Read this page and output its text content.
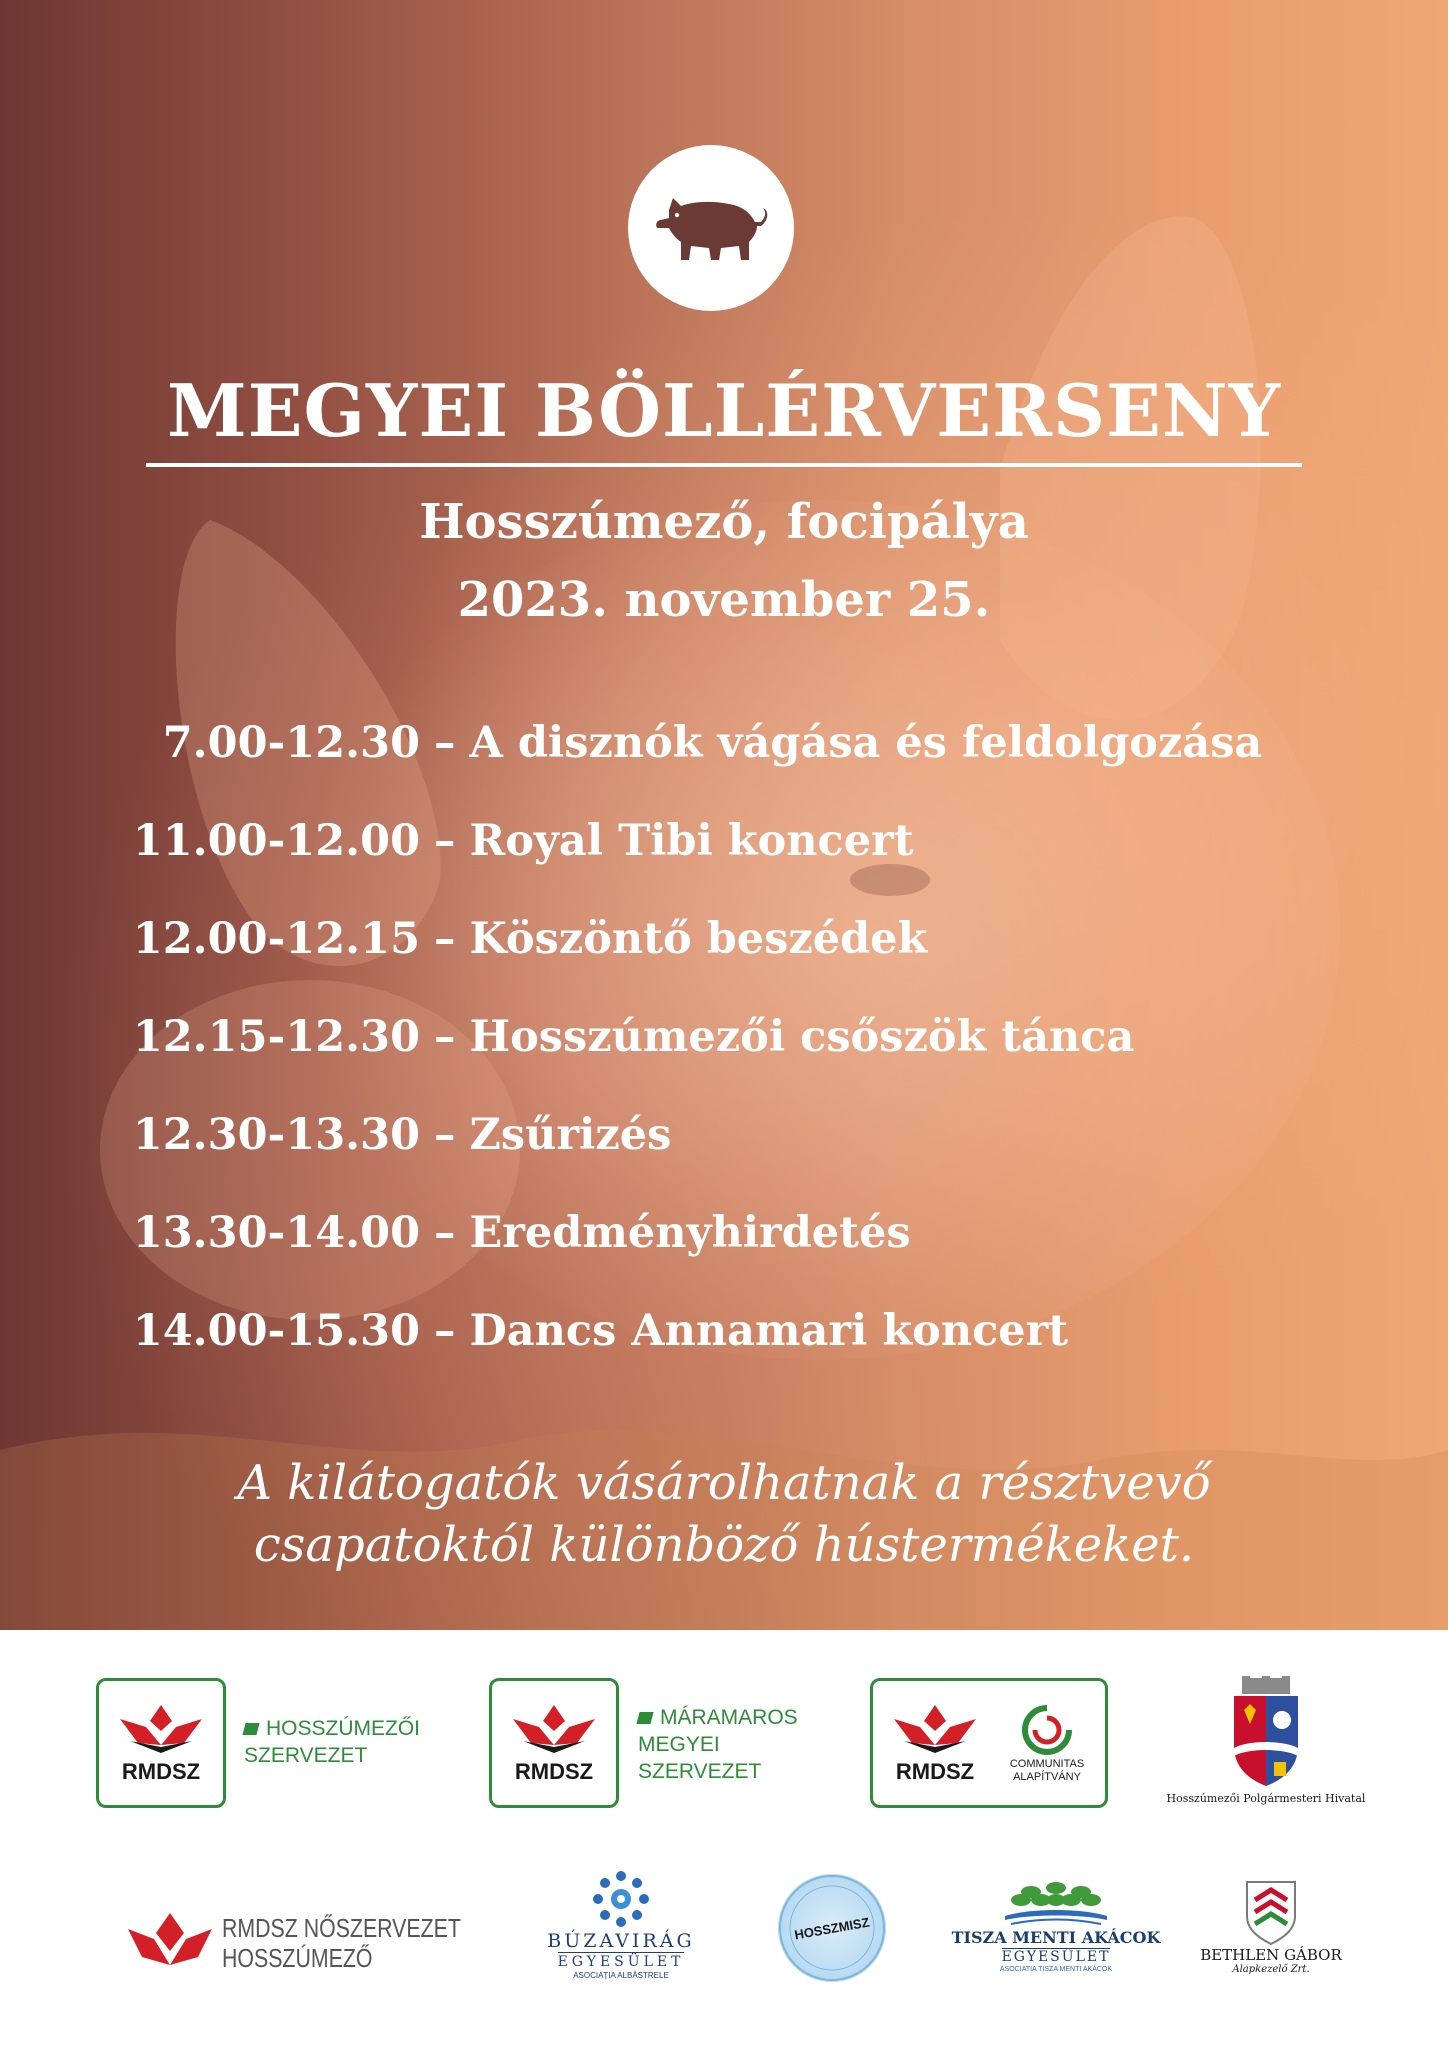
MEGYEI BÖLLÉRVERSENY
Hosszúmező, focipálya
2023. november 25.
7.00-12.30 – A disznók vágása és feldolgozása
11.00-12.00 – Royal Tibi koncert
12.00-12.15 – Köszöntő beszédek
12.15-12.30 – Hosszúmezői csőszök tánca
12.30-13.30 – Zsűrizés
13.30-14.00 – Eredményhirdetés
14.00-15.30 – Dancs Annamari koncert
A kilátogatók vásárolhatnak a résztvevő
csapatoktól különböző hústermékeket.
RMDSZ
HOSSZÚMEZŐI
SZERVEZET
RMDSZ
MÁRAMAROS
MEGYEI
SZERVEZET	RMDSZ	COMMUNITAS
ALAPÍTVÁNY
Hosszúmezői Polgármesteri Hivatal
RMDSZ NŐSZERVEZET
HOSSZÚMEZŐ
BÚZAVIRÁG
EGYESÜLET
ASOCIAȚIA ALBĂSTRELE
HOSSZMISZ	TISZA MENTI AKÁCOK
EGYESÜLET
ASOCIATIA TISZA MENTI AKÁCOK
BETHLEN GÁBOR
Alapkezelő Zrt.
